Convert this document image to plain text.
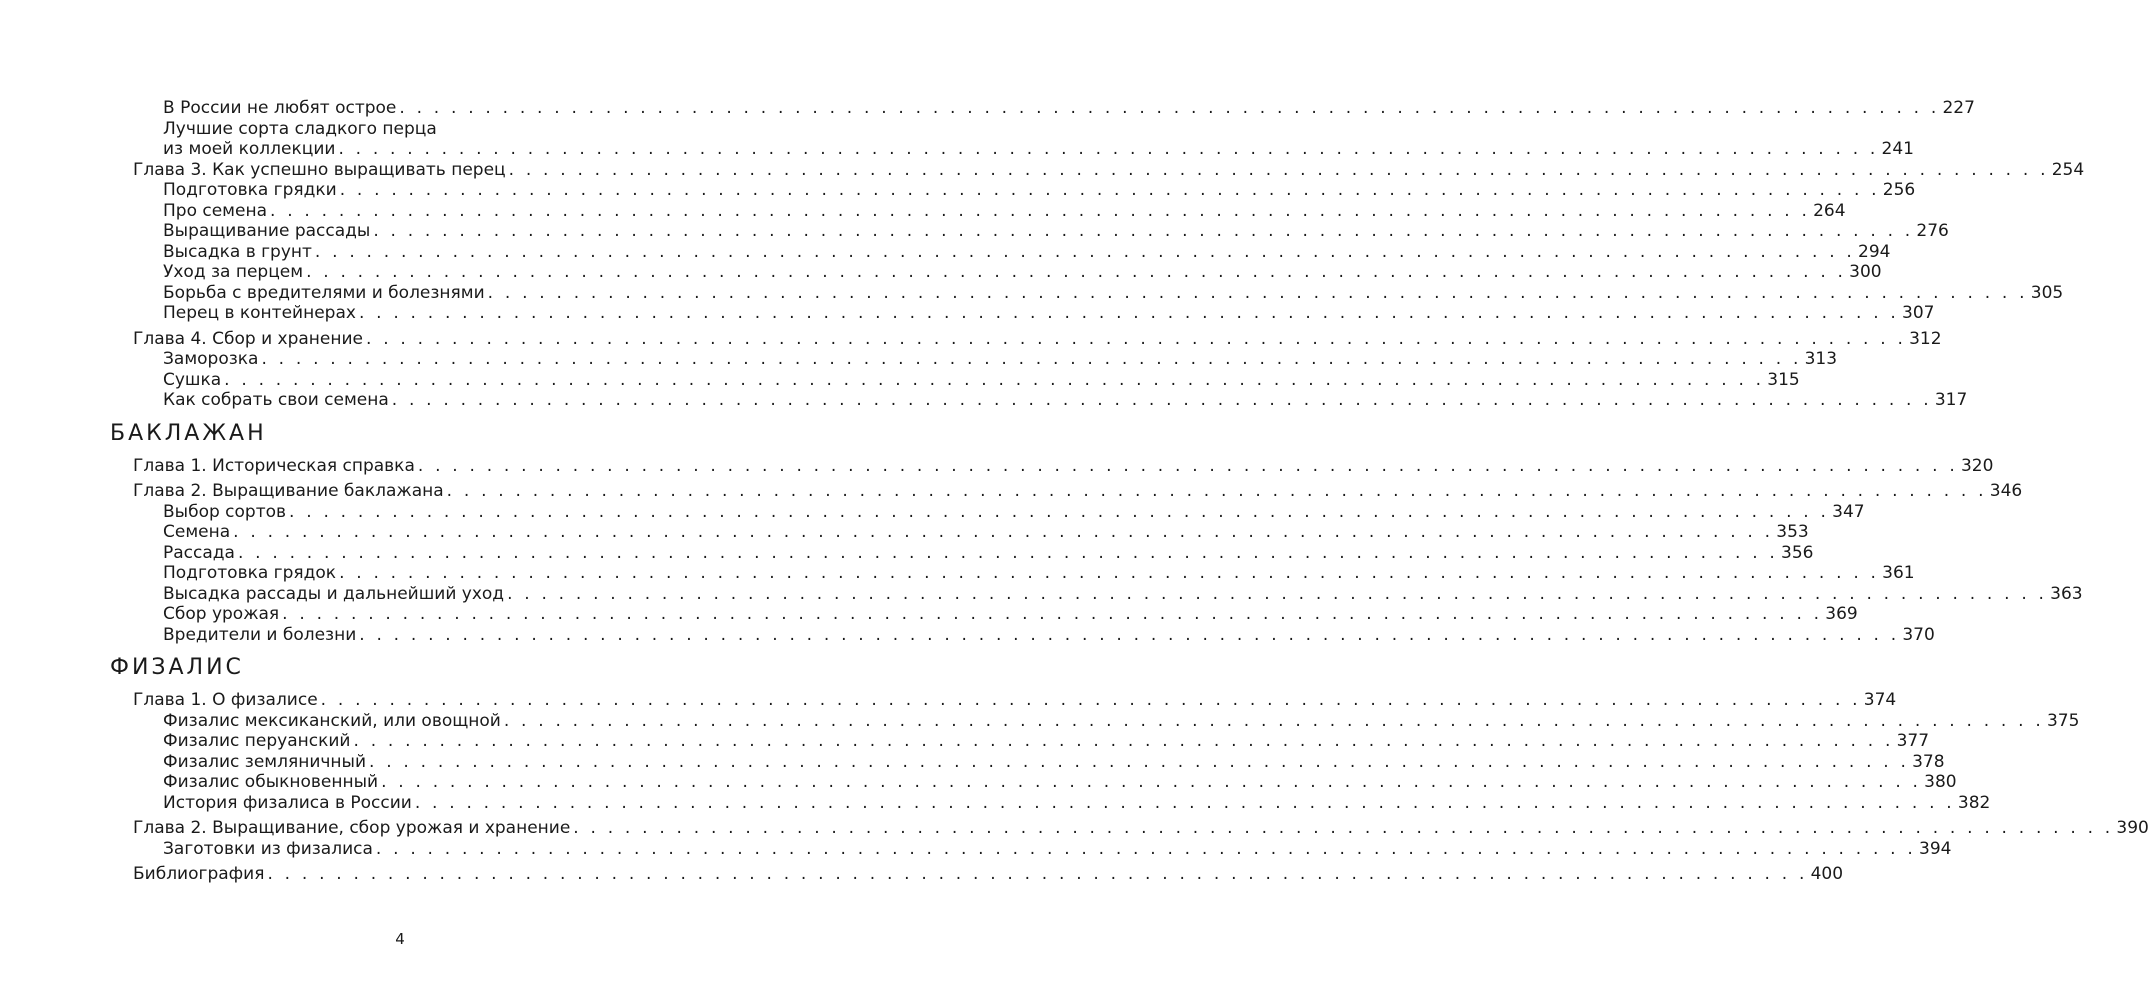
В России не любят острое . . . . . . . . . . . . . . . . . . . . . . . . . . . . . . . . . . . . . . . . . . . . . . . . . . . . . . . . . . . . . . . . . . . . . . . . . . . . . . . . . . . . . . . . . . 227
Лучшие сорта сладкого перца
из моей коллекции . . . . . . . . . . . . . . . . . . . . . . . . . . . . . . . . . . . . . . . . . . . . . . . . . . . . . . . . . . . . . . . . . . . . . . . . . . . . . . . . . . . . . . . . . . 241
Глава 3. Как успешно выращивать перец . . . . . . . . . . . . . . . . . . . . . . . . . . . . . . . . . . . . . . . . . . . . . . . . . . . . . . . . . . . . . . . . . . . . . . . . . . . . . . . . . . . . . . . . . . 254
Подготовка грядки . . . . . . . . . . . . . . . . . . . . . . . . . . . . . . . . . . . . . . . . . . . . . . . . . . . . . . . . . . . . . . . . . . . . . . . . . . . . . . . . . . . . . . . . . . 256
Про семена . . . . . . . . . . . . . . . . . . . . . . . . . . . . . . . . . . . . . . . . . . . . . . . . . . . . . . . . . . . . . . . . . . . . . . . . . . . . . . . . . . . . . . . . . . 264
Выращивание рассады . . . . . . . . . . . . . . . . . . . . . . . . . . . . . . . . . . . . . . . . . . . . . . . . . . . . . . . . . . . . . . . . . . . . . . . . . . . . . . . . . . . . . . . . . . 276
Высадка в грунт . . . . . . . . . . . . . . . . . . . . . . . . . . . . . . . . . . . . . . . . . . . . . . . . . . . . . . . . . . . . . . . . . . . . . . . . . . . . . . . . . . . . . . . . . . 294
Уход за перцем . . . . . . . . . . . . . . . . . . . . . . . . . . . . . . . . . . . . . . . . . . . . . . . . . . . . . . . . . . . . . . . . . . . . . . . . . . . . . . . . . . . . . . . . . . 300
Борьба с вредителями и болезнями . . . . . . . . . . . . . . . . . . . . . . . . . . . . . . . . . . . . . . . . . . . . . . . . . . . . . . . . . . . . . . . . . . . . . . . . . . . . . . . . . . . . . . . . . . 305
Перец в контейнерах . . . . . . . . . . . . . . . . . . . . . . . . . . . . . . . . . . . . . . . . . . . . . . . . . . . . . . . . . . . . . . . . . . . . . . . . . . . . . . . . . . . . . . . . . . 307
Глава 4. Сбор и хранение . . . . . . . . . . . . . . . . . . . . . . . . . . . . . . . . . . . . . . . . . . . . . . . . . . . . . . . . . . . . . . . . . . . . . . . . . . . . . . . . . . . . . . . . . . 312
Заморозка . . . . . . . . . . . . . . . . . . . . . . . . . . . . . . . . . . . . . . . . . . . . . . . . . . . . . . . . . . . . . . . . . . . . . . . . . . . . . . . . . . . . . . . . . . 313
Сушка . . . . . . . . . . . . . . . . . . . . . . . . . . . . . . . . . . . . . . . . . . . . . . . . . . . . . . . . . . . . . . . . . . . . . . . . . . . . . . . . . . . . . . . . . . 315
Как собрать свои семена . . . . . . . . . . . . . . . . . . . . . . . . . . . . . . . . . . . . . . . . . . . . . . . . . . . . . . . . . . . . . . . . . . . . . . . . . . . . . . . . . . . . . . . . . . 317
БАКЛАЖАН
Глава 1. Историческая справка . . . . . . . . . . . . . . . . . . . . . . . . . . . . . . . . . . . . . . . . . . . . . . . . . . . . . . . . . . . . . . . . . . . . . . . . . . . . . . . . . . . . . . . . . . 320
Глава 2. Выращивание баклажана . . . . . . . . . . . . . . . . . . . . . . . . . . . . . . . . . . . . . . . . . . . . . . . . . . . . . . . . . . . . . . . . . . . . . . . . . . . . . . . . . . . . . . . . . . 346
Выбор сортов . . . . . . . . . . . . . . . . . . . . . . . . . . . . . . . . . . . . . . . . . . . . . . . . . . . . . . . . . . . . . . . . . . . . . . . . . . . . . . . . . . . . . . . . . . 347
Семена . . . . . . . . . . . . . . . . . . . . . . . . . . . . . . . . . . . . . . . . . . . . . . . . . . . . . . . . . . . . . . . . . . . . . . . . . . . . . . . . . . . . . . . . . . 353
Рассада . . . . . . . . . . . . . . . . . . . . . . . . . . . . . . . . . . . . . . . . . . . . . . . . . . . . . . . . . . . . . . . . . . . . . . . . . . . . . . . . . . . . . . . . . . 356
Подготовка грядок . . . . . . . . . . . . . . . . . . . . . . . . . . . . . . . . . . . . . . . . . . . . . . . . . . . . . . . . . . . . . . . . . . . . . . . . . . . . . . . . . . . . . . . . . . 361
Высадка рассады и дальнейший уход . . . . . . . . . . . . . . . . . . . . . . . . . . . . . . . . . . . . . . . . . . . . . . . . . . . . . . . . . . . . . . . . . . . . . . . . . . . . . . . . . . . . . . . . . . 363
Сбор урожая . . . . . . . . . . . . . . . . . . . . . . . . . . . . . . . . . . . . . . . . . . . . . . . . . . . . . . . . . . . . . . . . . . . . . . . . . . . . . . . . . . . . . . . . . . 369
Вредители и болезни . . . . . . . . . . . . . . . . . . . . . . . . . . . . . . . . . . . . . . . . . . . . . . . . . . . . . . . . . . . . . . . . . . . . . . . . . . . . . . . . . . . . . . . . . . 370
ФИЗАЛИС
Глава 1. О физалисе . . . . . . . . . . . . . . . . . . . . . . . . . . . . . . . . . . . . . . . . . . . . . . . . . . . . . . . . . . . . . . . . . . . . . . . . . . . . . . . . . . . . . . . . . . 374
Физалис мексиканский, или овощной . . . . . . . . . . . . . . . . . . . . . . . . . . . . . . . . . . . . . . . . . . . . . . . . . . . . . . . . . . . . . . . . . . . . . . . . . . . . . . . . . . . . . . . . . . 375
Физалис перуанский . . . . . . . . . . . . . . . . . . . . . . . . . . . . . . . . . . . . . . . . . . . . . . . . . . . . . . . . . . . . . . . . . . . . . . . . . . . . . . . . . . . . . . . . . . 377
Физалис земляничный . . . . . . . . . . . . . . . . . . . . . . . . . . . . . . . . . . . . . . . . . . . . . . . . . . . . . . . . . . . . . . . . . . . . . . . . . . . . . . . . . . . . . . . . . . 378
Физалис обыкновенный . . . . . . . . . . . . . . . . . . . . . . . . . . . . . . . . . . . . . . . . . . . . . . . . . . . . . . . . . . . . . . . . . . . . . . . . . . . . . . . . . . . . . . . . . . 380
История физалиса в России . . . . . . . . . . . . . . . . . . . . . . . . . . . . . . . . . . . . . . . . . . . . . . . . . . . . . . . . . . . . . . . . . . . . . . . . . . . . . . . . . . . . . . . . . . 382
Глава 2. Выращивание, сбор урожая и хранение . . . . . . . . . . . . . . . . . . . . . . . . . . . . . . . . . . . . . . . . . . . . . . . . . . . . . . . . . . . . . . . . . . . . . . . . . . . . . . . . . . . . . . . . . . 390
Заготовки из физалиса . . . . . . . . . . . . . . . . . . . . . . . . . . . . . . . . . . . . . . . . . . . . . . . . . . . . . . . . . . . . . . . . . . . . . . . . . . . . . . . . . . . . . . . . . . 394
Библиография . . . . . . . . . . . . . . . . . . . . . . . . . . . . . . . . . . . . . . . . . . . . . . . . . . . . . . . . . . . . . . . . . . . . . . . . . . . . . . . . . . . . . . . . . . 400
4
